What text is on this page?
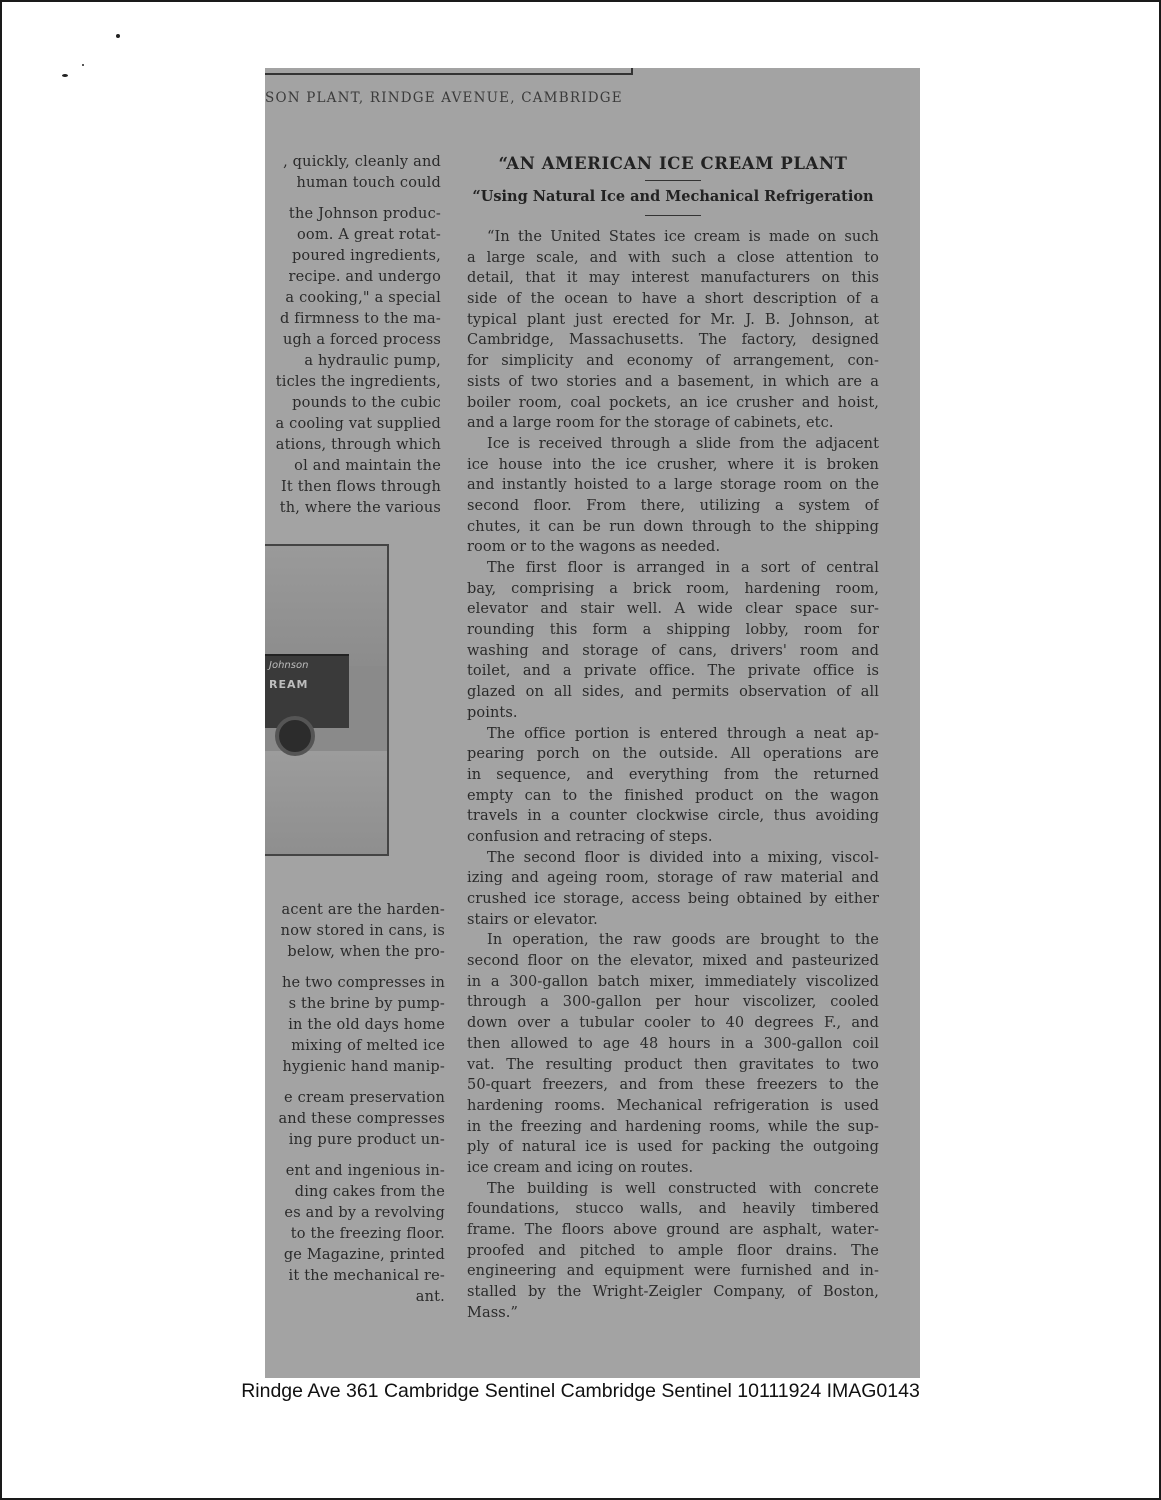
SON PLANT, RINDGE AVENUE, CAMBRIDGE
, quickly, cleanly and
human touch could
the Johnson produc-
oom. A great rotat-
poured ingredients,
recipe. and undergo
a cooking," a special
d firmness to the ma-
ugh a forced process
a hydraulic pump,
ticles the ingredients,
pounds to the cubic
a cooling vat supplied
ations, through which
ol and maintain the
It then flows through
th, where the various
Johnson
REAM
acent are the harden-
now stored in cans, is
below, when the pro-
he two compresses in
s the brine by pump-
in the old days home
mixing of melted ice
hygienic hand manip-
e cream preservation
and these compresses
ing pure product un-
ent and ingenious in-
ding cakes from the
es and by a revolving
to the freezing floor.
ge Magazine, printed
it the mechanical re-
ant.
“AN AMERICAN ICE CREAM PLANT
“Using Natural Ice and Mechanical Refrigeration
“In the United States ice cream is made on such
a large scale, and with such a close attention to
detail, that it may interest manufacturers on this
side of the ocean to have a short description of a
typical plant just erected for Mr. J. B. Johnson, at
Cambridge, Massachusetts. The factory, designed
for simplicity and economy of arrangement, con-
sists of two stories and a basement, in which are a
boiler room, coal pockets, an ice crusher and hoist,
and a large room for the storage of cabinets, etc.
Ice is received through a slide from the adjacent
ice house into the ice crusher, where it is broken
and instantly hoisted to a large storage room on the
second floor. From there, utilizing a system of
chutes, it can be run down through to the shipping
room or to the wagons as needed.
The first floor is arranged in a sort of central
bay, comprising a brick room, hardening room,
elevator and stair well. A wide clear space sur-
rounding this form a shipping lobby, room for
washing and storage of cans, drivers' room and
toilet, and a private office. The private office is
glazed on all sides, and permits observation of all
points.
The office portion is entered through a neat ap-
pearing porch on the outside. All operations are
in sequence, and everything from the returned
empty can to the finished product on the wagon
travels in a counter clockwise circle, thus avoiding
confusion and retracing of steps.
The second floor is divided into a mixing, viscol-
izing and ageing room, storage of raw material and
crushed ice storage, access being obtained by either
stairs or elevator.
In operation, the raw goods are brought to the
second floor on the elevator, mixed and pasteurized
in a 300-gallon batch mixer, immediately viscolized
through a 300-gallon per hour viscolizer, cooled
down over a tubular cooler to 40 degrees F., and
then allowed to age 48 hours in a 300-gallon coil
vat. The resulting product then gravitates to two
50-quart freezers, and from these freezers to the
hardening rooms. Mechanical refrigeration is used
in the freezing and hardening rooms, while the sup-
ply of natural ice is used for packing the outgoing
ice cream and icing on routes.
The building is well constructed with concrete
foundations, stucco walls, and heavily timbered
frame. The floors above ground are asphalt, water-
proofed and pitched to ample floor drains. The
engineering and equipment were furnished and in-
stalled by the Wright-Zeigler Company, of Boston,
Mass.”
Rindge Ave 361 Cambridge Sentinel Cambridge Sentinel 10111924 IMAG0143
